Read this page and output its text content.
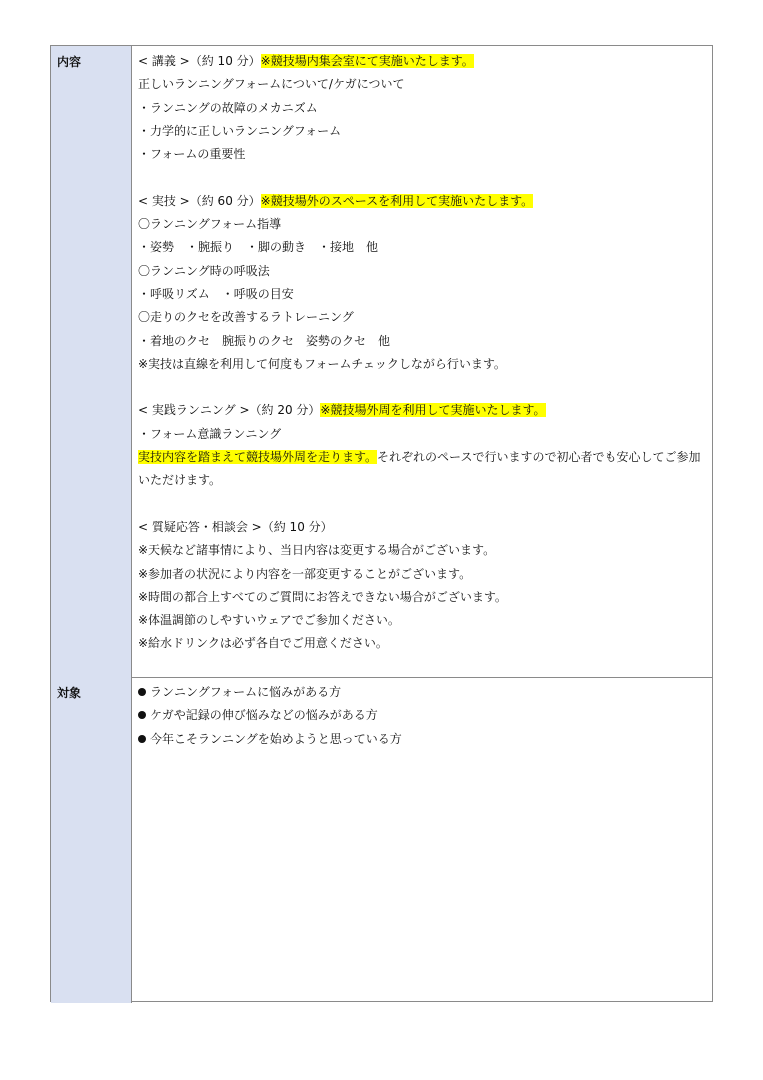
内容	< 講義 >（約 10 分）※競技場内集会室にて実施いたします。
正しいランニングフォームについて/ケガについて
・ランニングの故障のメカニズム
・力学的に正しいランニングフォーム
・フォームの重要性
< 実技 >（約 60 分）※競技場外のスペースを利用して実施いたします。
〇ランニングフォーム指導
・姿勢　・腕振り　・脚の動き　・接地　他
〇ランニング時の呼吸法
・呼吸リズム　・呼吸の目安
〇走りのクセを改善するラトレーニング
・着地のクセ　腕振りのクセ　姿勢のクセ　他
※実技は直線を利用して何度もフォームチェックしながら行います。
< 実践ランニング >（約 20 分）※競技場外周を利用して実施いたします。
・フォーム意識ランニング
実技内容を踏まえて競技場外周を走ります。それぞれのペースで行いますので初心者でも安心してご参加いただけます。
< 質疑応答・相談会 >（約 10 分）
※天候など諸事情により、当日内容は変更する場合がございます。
※参加者の状況により内容を一部変更することがございます。
※時間の都合上すべてのご質問にお答えできない場合がございます。
※体温調節のしやすいウェアでご参加ください。
※給水ドリンクは必ず各自でご用意ください。
対象	ランニングフォームに悩みがある方
ケガや記録の伸び悩みなどの悩みがある方
今年こそランニングを始めようと思っている方
